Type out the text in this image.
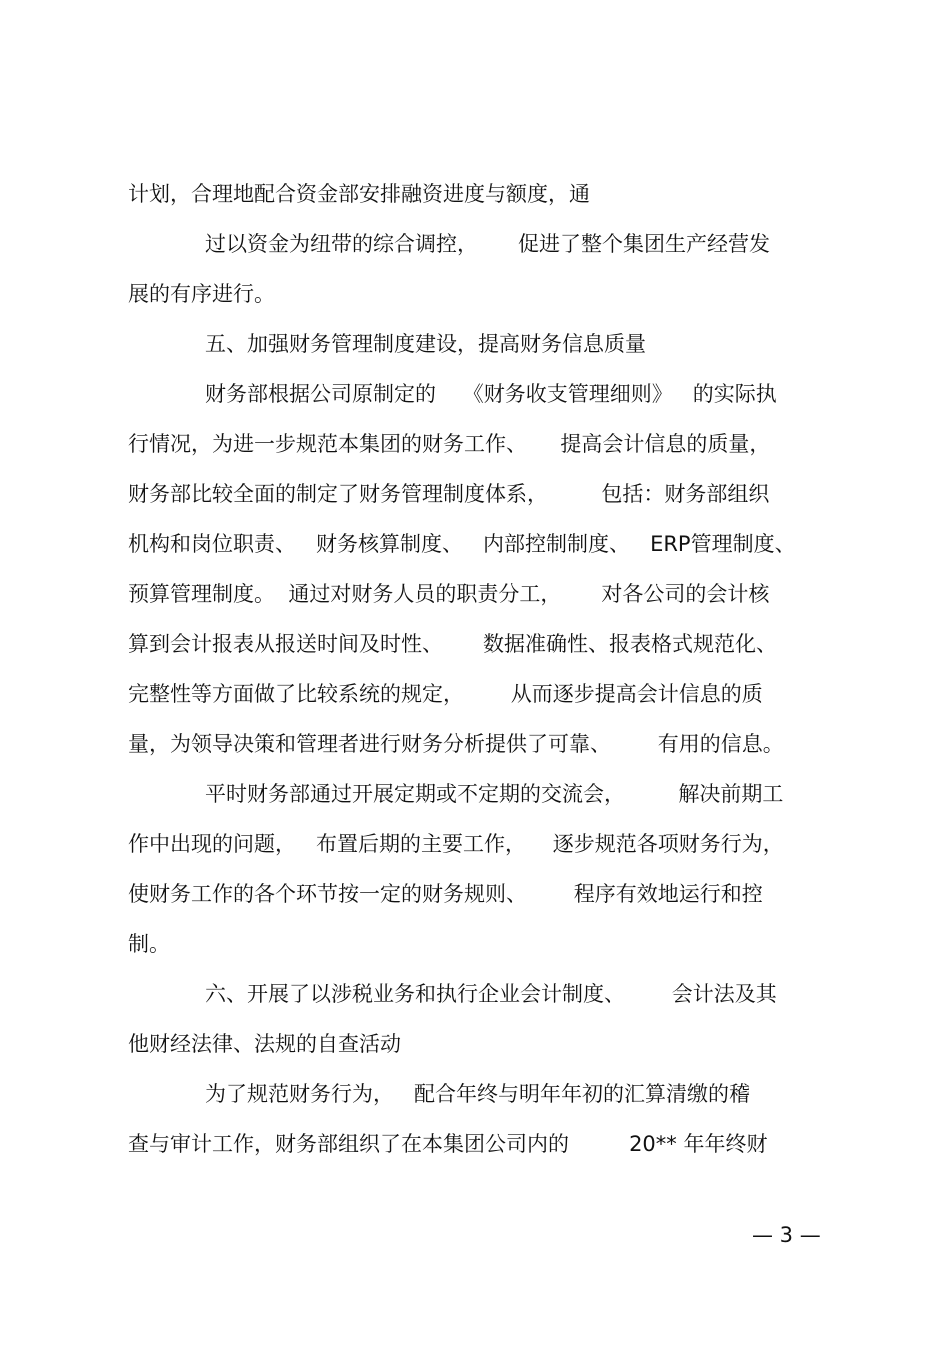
计划，合理地配合资金部安排融资进度与额度，通
过以资金为纽带的综合调控，      促进了整个集团生产经营发
展的有序进行。
五、加强财务管理制度建设，提高财务信息质量
财务部根据公司原制定的    《财务收支管理细则》   的实际执
行情况，为进一步规范本集团的财务工作、     提高会计信息的质量，
财务部比较全面的制定了财务管理制度体系，        包括：财务部组织
机构和岗位职责、   财务核算制度、   内部控制制度、   ERP管理制度、
预算管理制度。  通过对财务人员的职责分工，      对各公司的会计核
算到会计报表从报送时间及时性、      数据准确性、报表格式规范化、
完整性等方面做了比较系统的规定，       从而逐步提高会计信息的质
量，为领导决策和管理者进行财务分析提供了可靠、       有用的信息。
平时财务部通过开展定期或不定期的交流会，        解决前期工
作中出现的问题，   布置后期的主要工作，    逐步规范各项财务行为，
使财务工作的各个环节按一定的财务规则、       程序有效地运行和控
制。
六、开展了以涉税业务和执行企业会计制度、       会计法及其
他财经法律、法规的自查活动
为了规范财务行为，   配合年终与明年年初的汇算清缴的稽
查与审计工作，财务部组织了在本集团公司内的         20** 年年终财
— 3 —
